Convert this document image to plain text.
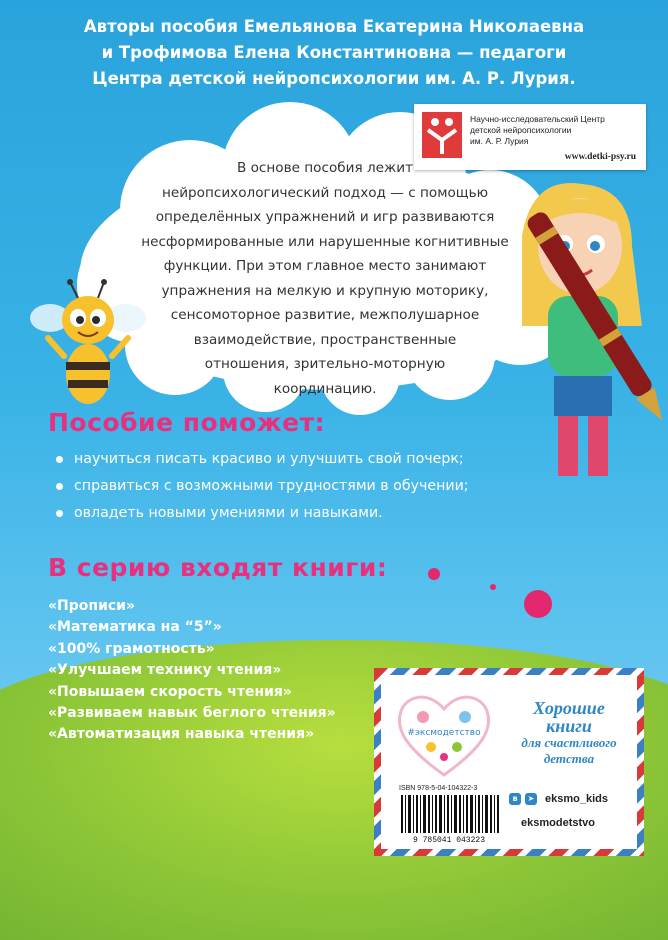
Авторы пособия Емельянова Екатерина Николаевна
и Трофимова Елена Константиновна — педагоги
Центра детской нейропсихологии им. А. Р. Лурия.
В основе пособия лежит
нейропсихологический подход — с помощью
определённых упражнений и игр развиваются
несформированные или нарушенные когнитивные
функции. При этом главное место занимают
упражнения на мелкую и крупную моторику,
сенсомоторное развитие, межполушарное
взаимодействие, пространственные
отношения, зрительно-моторную
координацию.
Научно-исследовательский Центр
детской нейропсихологии
им. А. Р. Лурия
www.detki-psy.ru
Пособие поможет:
научиться писать красиво и улучшить свой почерк;
справиться с возможными трудностями в обучении;
овладеть новыми умениями и навыками.
В серию входят книги:
«Прописи»
«Математика на “5”»
«100% грамотность»
«Улучшаем технику чтения»
«Повышаем скорость чтения»
«Развиваем навык беглого чтения»
«Автоматизация навыка чтения»	#эксмодетство
Хорошие
книги
для счастливого
детства
ISBN 978-5-04-104322-3
9 785041 043223
в	➤ eksmo_kids
eksmodetstvo
